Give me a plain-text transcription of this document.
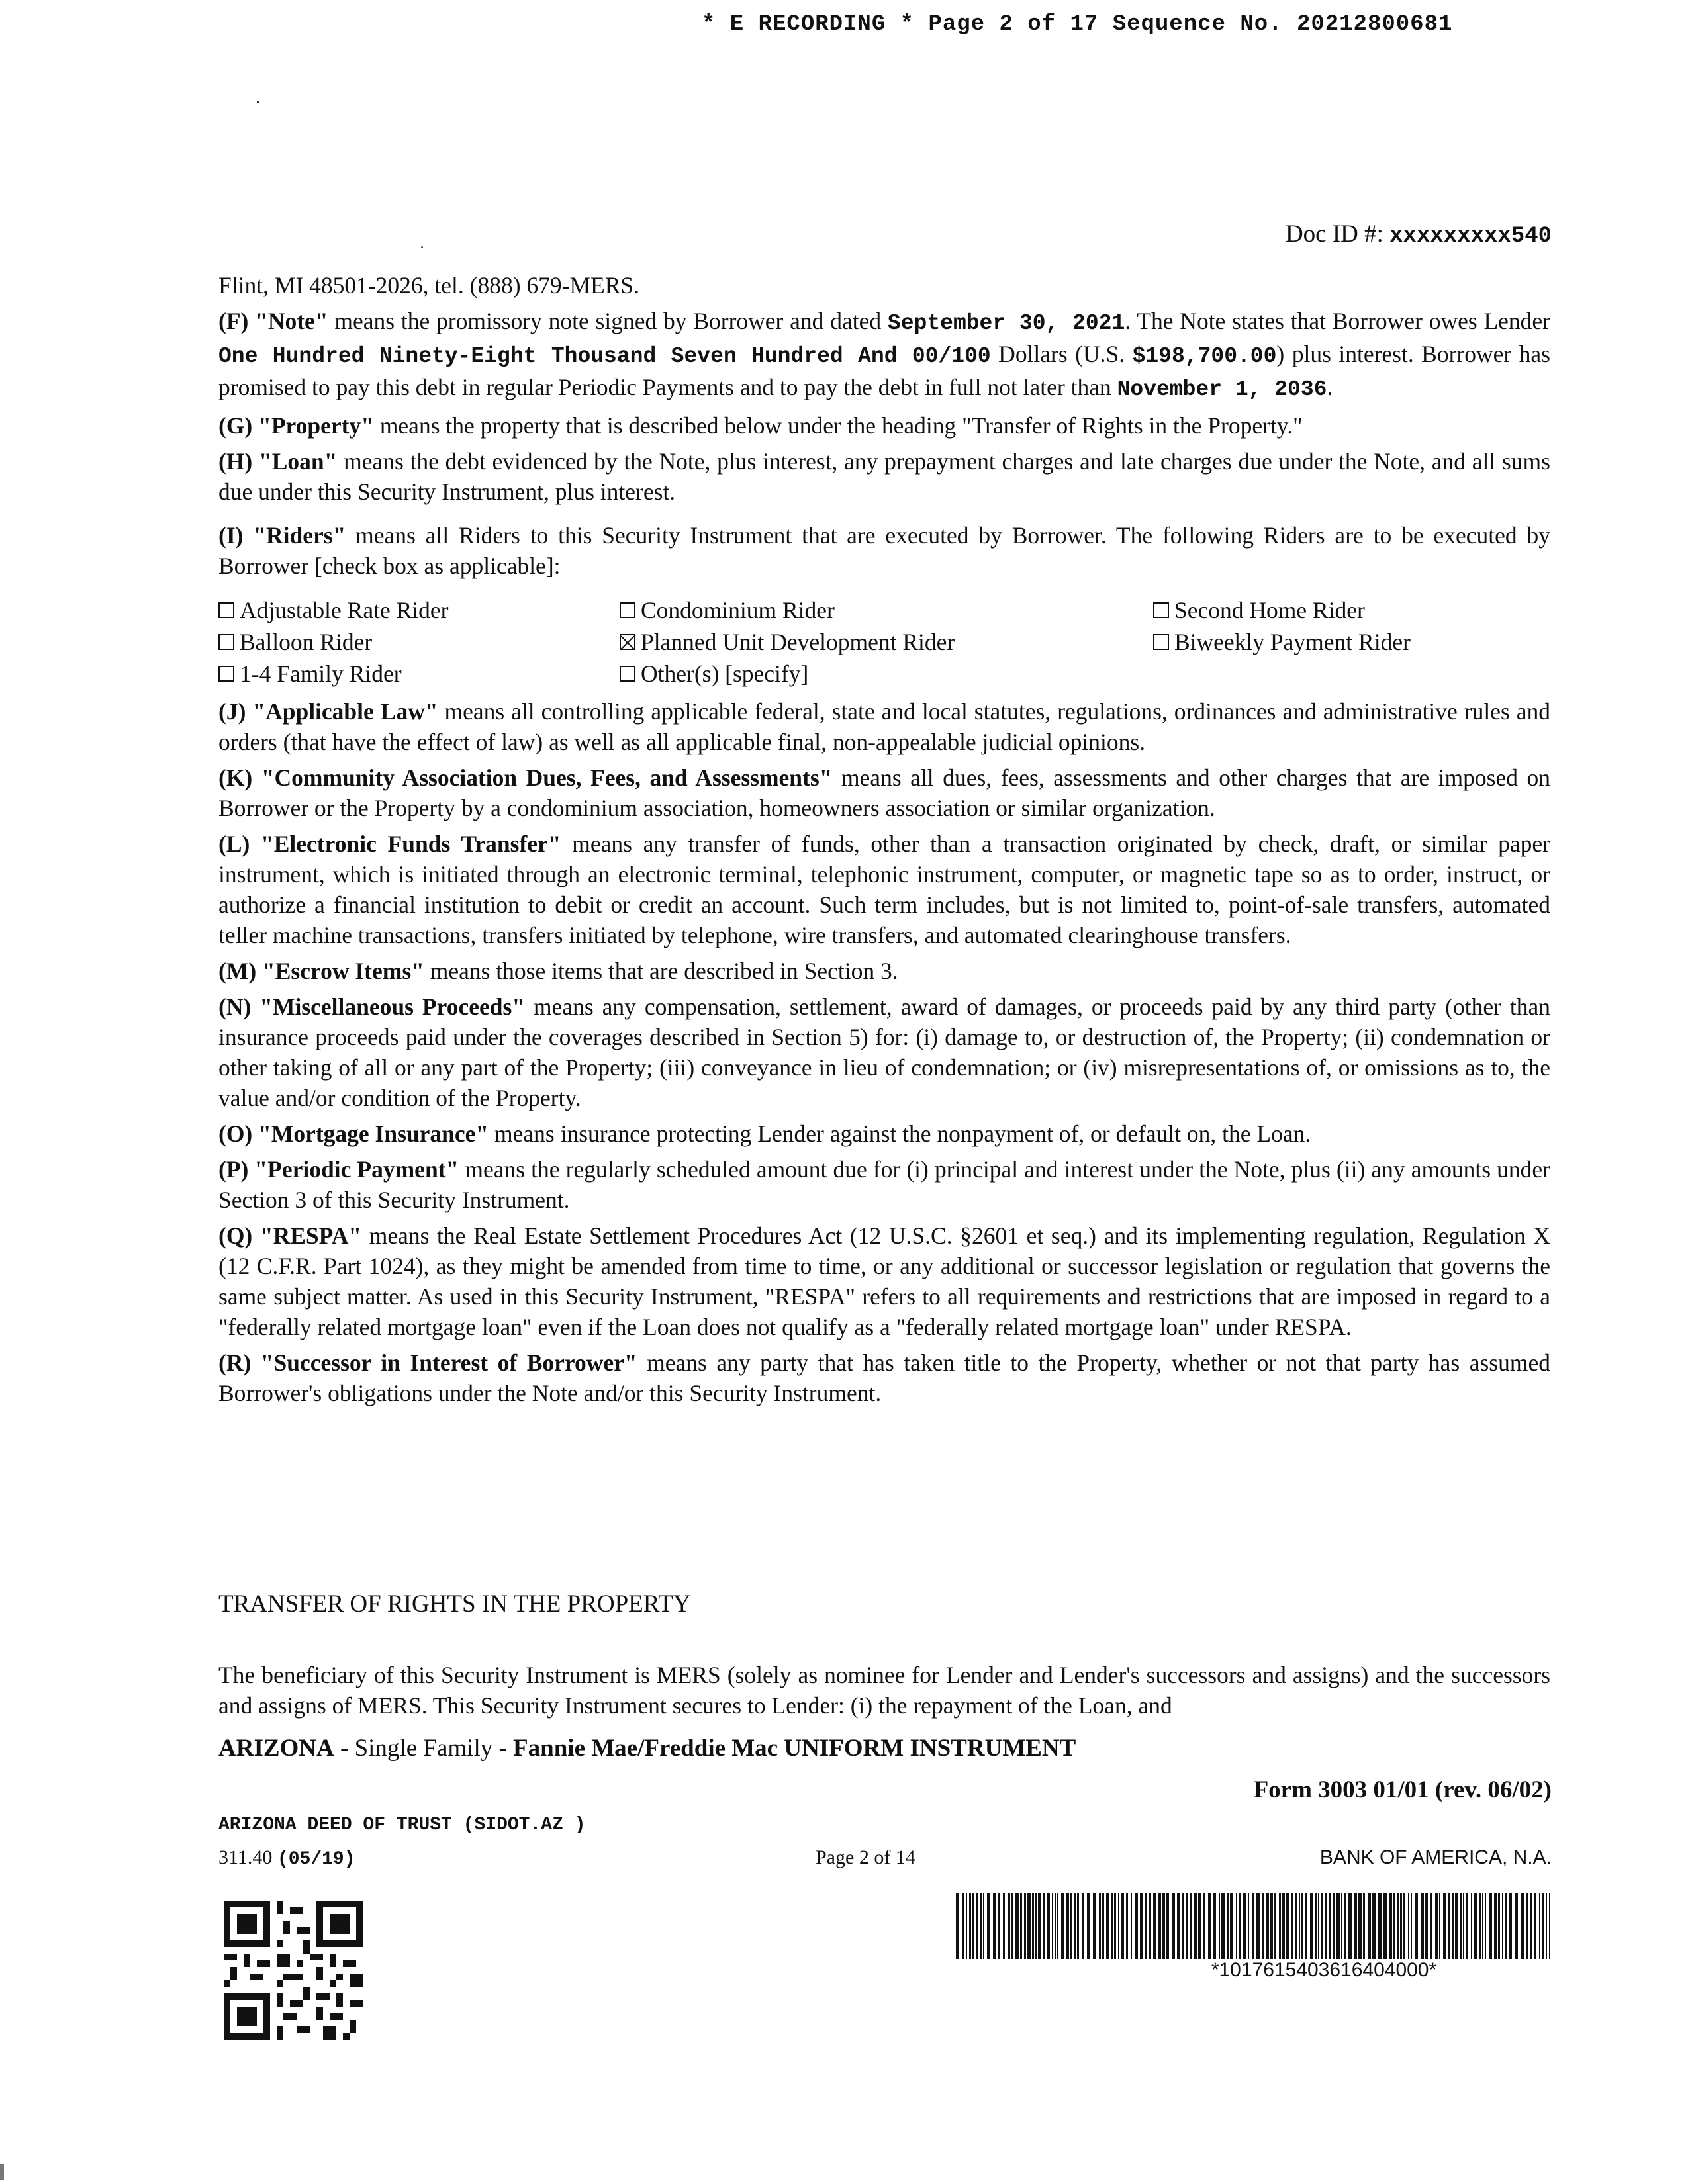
* E RECORDING * Page 2 of 17 Sequence No. 20212800681
Doc ID #: xxxxxxxxx540

Flint, MI 48501-2026, tel. (888) 679-MERS.

(F) "Note" means the promissory note signed by Borrower and dated September 30, 2021. The Note states that Borrower owes Lender One Hundred Ninety-Eight Thousand Seven Hundred And 00/100 Dollars (U.S. $198,700.00) plus interest. Borrower has promised to pay this debt in regular Periodic Payments and to pay the debt in full not later than November 1, 2036.

(G) "Property" means the property that is described below under the heading "Transfer of Rights in the Property."

(H) "Loan" means the debt evidenced by the Note, plus interest, any prepayment charges and late charges due under the Note, and all sums due under this Security Instrument, plus interest.

(I) "Riders" means all Riders to this Security Instrument that are executed by Borrower. The following Riders are to be executed by Borrower [check box as applicable]:

Adjustable Rate Rider	Condominium Rider	Second Home Rider
Balloon Rider	Planned Unit Development Rider	Biweekly Payment Rider
1-4 Family Rider	Other(s) [specify]

(J) "Applicable Law" means all controlling applicable federal, state and local statutes, regulations, ordinances and administrative rules and orders (that have the effect of law) as well as all applicable final, non-appealable judicial opinions.

(K) "Community Association Dues, Fees, and Assessments" means all dues, fees, assessments and other charges that are imposed on Borrower or the Property by a condominium association, homeowners association or similar organization.

(L) "Electronic Funds Transfer" means any transfer of funds, other than a transaction originated by check, draft, or similar paper instrument, which is initiated through an electronic terminal, telephonic instrument, computer, or magnetic tape so as to order, instruct, or authorize a financial institution to debit or credit an account. Such term includes, but is not limited to, point-of-sale transfers, automated teller machine transactions, transfers initiated by telephone, wire transfers, and automated clearinghouse transfers.

(M) "Escrow Items" means those items that are described in Section 3.

(N) "Miscellaneous Proceeds" means any compensation, settlement, award of damages, or proceeds paid by any third party (other than insurance proceeds paid under the coverages described in Section 5) for: (i) damage to, or destruction of, the Property; (ii) condemnation or other taking of all or any part of the Property; (iii) conveyance in lieu of condemnation; or (iv) misrepresentations of, or omissions as to, the value and/or condition of the Property.

(O) "Mortgage Insurance" means insurance protecting Lender against the nonpayment of, or default on, the Loan.

(P) "Periodic Payment" means the regularly scheduled amount due for (i) principal and interest under the Note, plus (ii) any amounts under Section 3 of this Security Instrument.

(Q) "RESPA" means the Real Estate Settlement Procedures Act (12 U.S.C. §2601 et seq.) and its implementing regulation, Regulation X (12 C.F.R. Part 1024), as they might be amended from time to time, or any additional or successor legislation or regulation that governs the same subject matter. As used in this Security Instrument, "RESPA" refers to all requirements and restrictions that are imposed in regard to a "federally related mortgage loan" even if the Loan does not qualify as a "federally related mortgage loan" under RESPA.

(R) "Successor in Interest of Borrower" means any party that has taken title to the Property, whether or not that party has assumed Borrower's obligations under the Note and/or this Security Instrument.

TRANSFER OF RIGHTS IN THE PROPERTY

The beneficiary of this Security Instrument is MERS (solely as nominee for Lender and Lender's successors and assigns) and the successors and assigns of MERS. This Security Instrument secures to Lender: (i) the repayment of the Loan, and

ARIZONA - Single Family - Fannie Mae/Freddie Mac UNIFORM INSTRUMENT
Form 3003 01/01 (rev. 06/02)
ARIZONA DEED OF TRUST (SIDOT.AZ )
311.40 (05/19)	Page 2 of 14	BANK OF AMERICA, N.A.
*1017615403616404000*
